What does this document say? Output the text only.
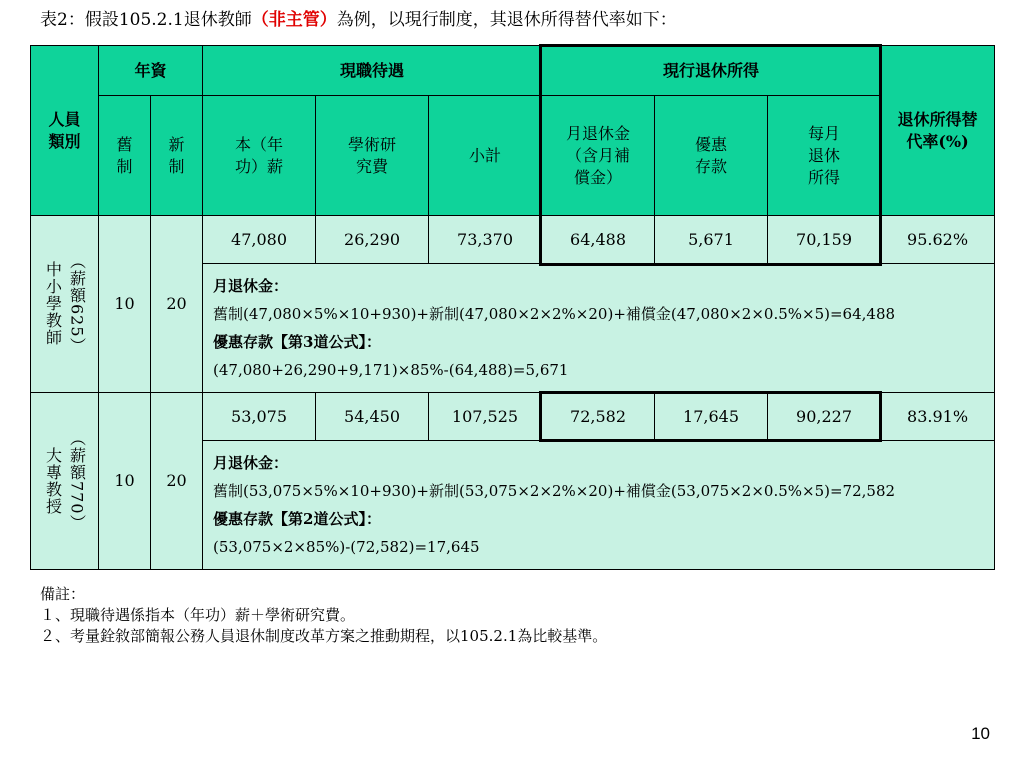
表2：假設105.2.1退休教師（非主管）為例，以現行制度，其退休所得替代率如下：
人員類別	年資		現職待遇			現行退休所得			退休所得替代率(%)

	舊制	新制	本（年功）薪	學術研究費	小計	月退休金（含月補償金）	優惠存款	每月退休所得	

中小學教師 （薪額625）	10	20	47,080	26,290	73,370	64,488	5,671	70,159	95.62%

			月退休金：
舊制(47,080×5%×10+930)+新制(47,080×2×2%×20)+補償金(47,080×2×0.5%×5)=64,488
優惠存款【第3道公式】：
(47,080+26,290+9,171)×85%-(64,488)=5,671						

大專教授 （薪額770）	10	20	53,075	54,450	107,525	72,582	17,645	90,227	83.91%

			月退休金：
舊制(53,075×5%×10+930)+新制(53,075×2×2%×20)+補償金(53,075×2×0.5%×5)=72,582
優惠存款【第2道公式】：
(53,075×2×85%)-(72,582)=17,645						
備註：
１、現職待遇係指本（年功）薪＋學術研究費。
２、考量銓敘部簡報公務人員退休制度改革方案之推動期程，以105.2.1為比較基準。
10
